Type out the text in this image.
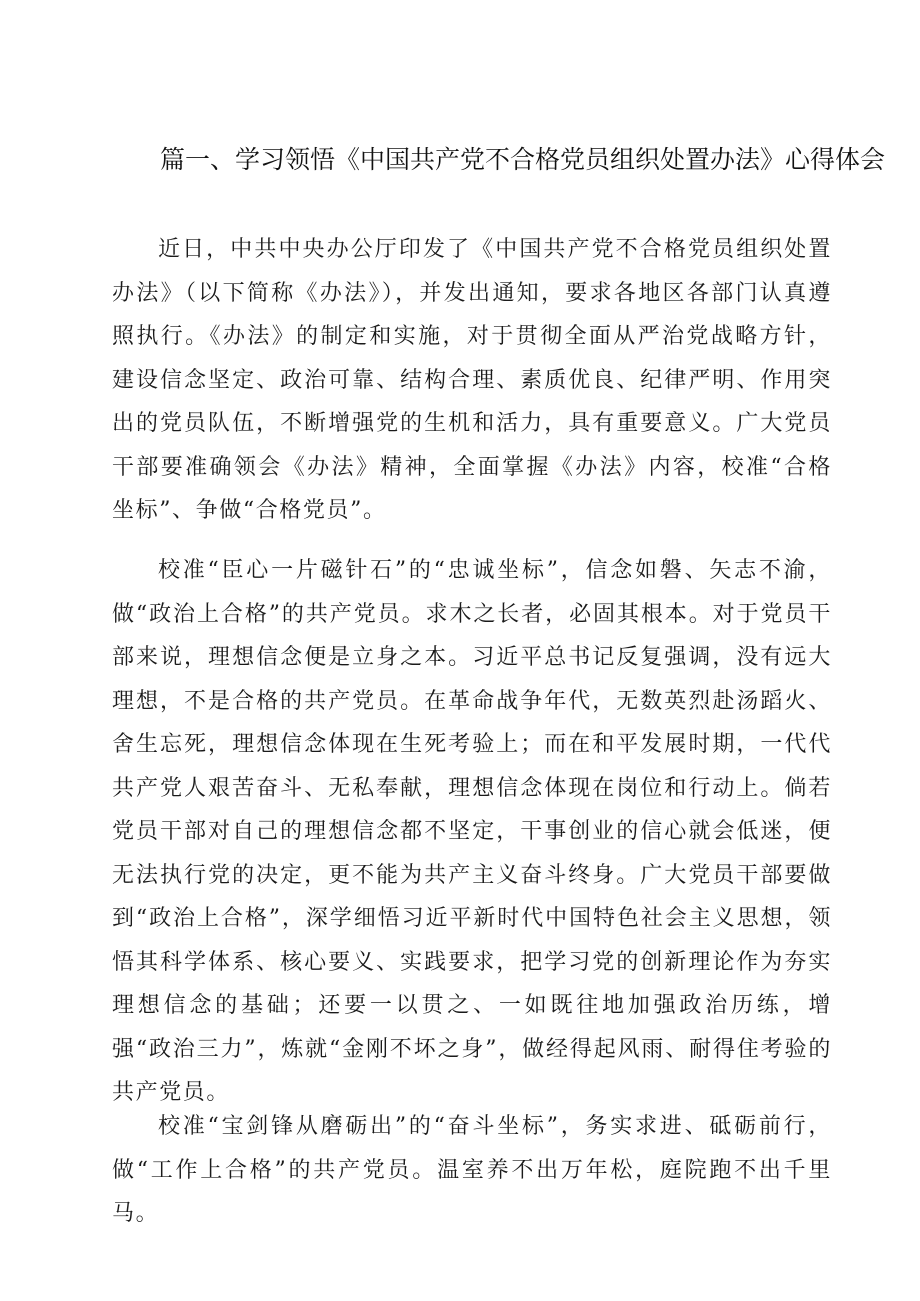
篇一、学习领悟《中国共产党不合格党员组织处置办法》心得体会

近日，中共中央办公厅印发了《中国共产党不合格党员组织处置办法》（以下简称《办法》），并发出通知，要求各地区各部门认真遵照执行。《办法》的制定和实施，对于贯彻全面从严治党战略方针，建设信念坚定、政治可靠、结构合理、素质优良、纪律严明、作用突出的党员队伍，不断增强党的生机和活力，具有重要意义。广大党员干部要准确领会《办法》精神，全面掌握《办法》内容，校准“合格坐标”、争做“合格党员”。

校准“臣心一片磁针石”的“忠诚坐标”，信念如磐、矢志不渝，做“政治上合格”的共产党员。求木之长者，必固其根本。对于党员干部来说，理想信念便是立身之本。习近平总书记反复强调，没有远大理想，不是合格的共产党员。在革命战争年代，无数英烈赴汤蹈火、舍生忘死，理想信念体现在生死考验上；而在和平发展时期，一代代共产党人艰苦奋斗、无私奉献，理想信念体现在岗位和行动上。倘若党员干部对自己的理想信念都不坚定，干事创业的信心就会低迷，便无法执行党的决定，更不能为共产主义奋斗终身。广大党员干部要做到“政治上合格”，深学细悟习近平新时代中国特色社会主义思想，领悟其科学体系、核心要义、实践要求，把学习党的创新理论作为夯实理想信念的基础；还要一以贯之、一如既往地加强政治历练，增强“政治三力”，炼就“金刚不坏之身”，做经得起风雨、耐得住考验的共产党员。

校准“宝剑锋从磨砺出”的“奋斗坐标”，务实求进、砥砺前行，做“工作上合格”的共产党员。温室养不出万年松，庭院跑不出千里马。
